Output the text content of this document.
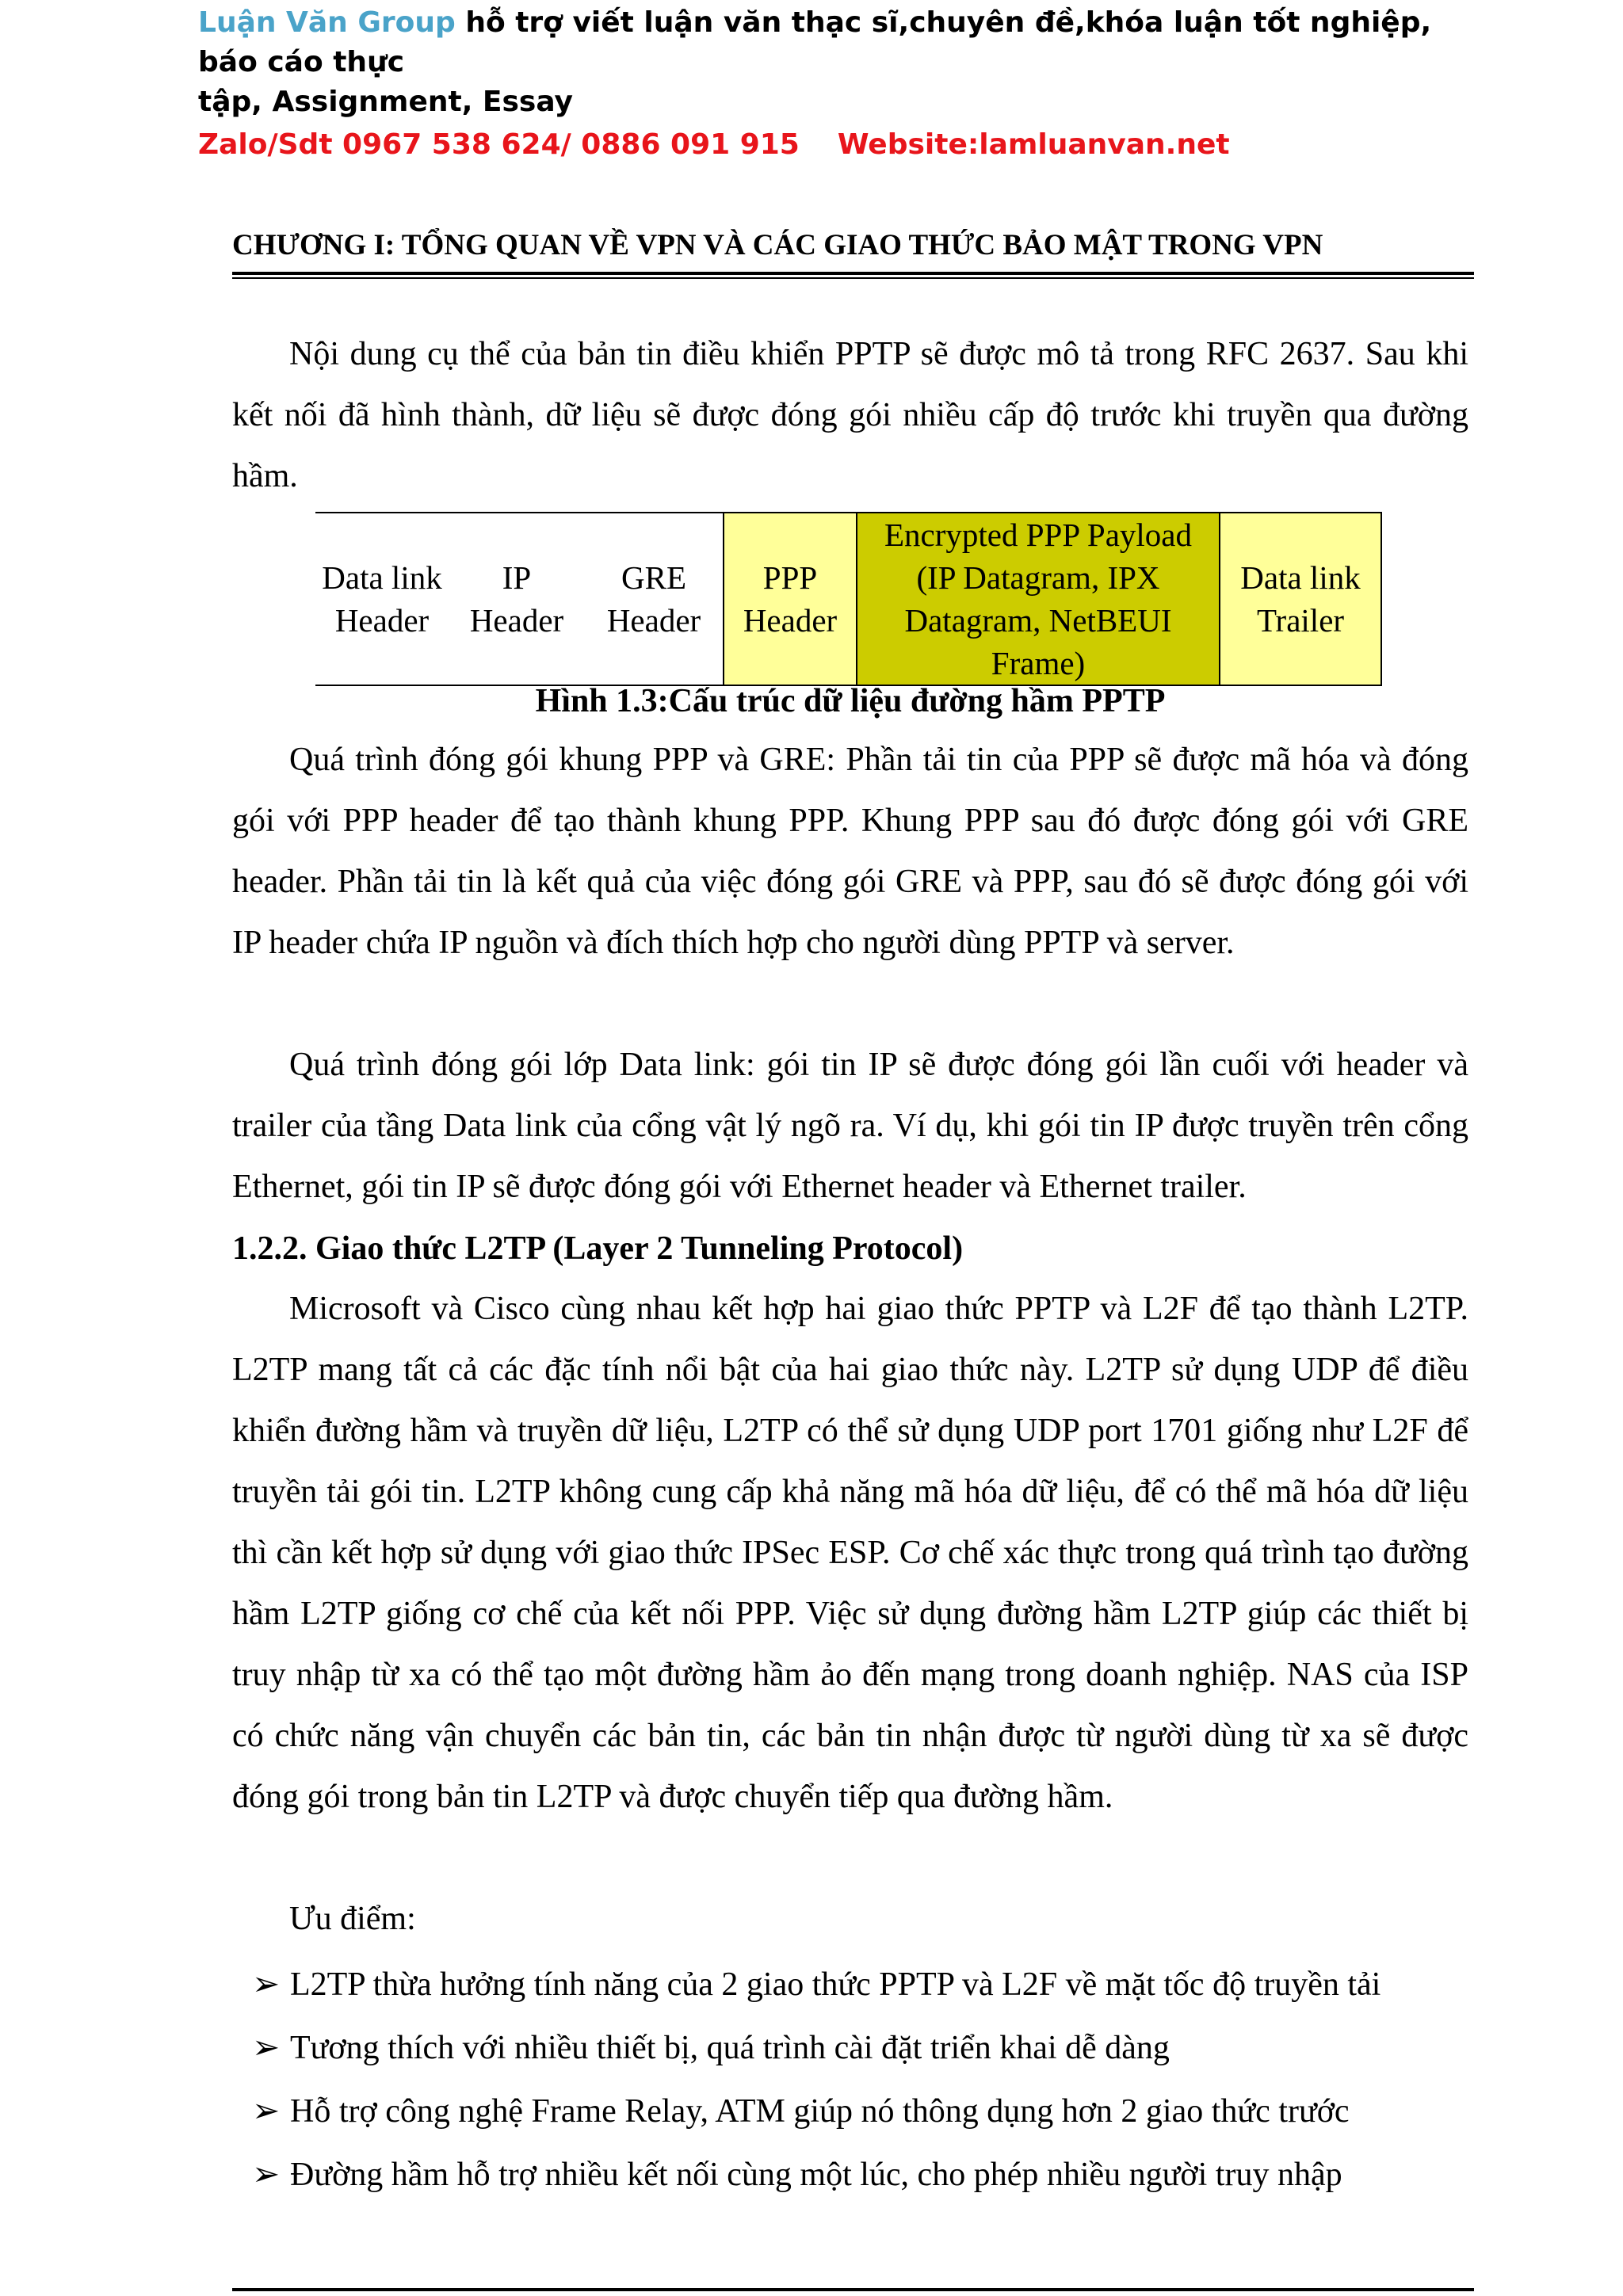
Luận Văn Group hỗ trợ viết luận văn thạc sĩ,chuyên đề,khóa luận tốt nghiệp, báo cáo thực
tập, Assignment, Essay
Zalo/Sdt 0967 538 624/ 0886 091 915 Website:lamluanvan.net
CHƯƠNG I: TỔNG QUAN VỀ VPN VÀ CÁC GIAO THỨC BẢO MẬT TRONG VPN

Nội dung cụ thể của bản tin điều khiển PPTP sẽ được mô tả trong RFC 2637. Sau khi kết nối đã hình thành, dữ liệu sẽ được đóng gói nhiều cấp độ trước khi truyền qua đường hầm.

Data link Header	IP Header	GRE Header	PPP Header	Encrypted PPP Payload (IP Datagram, IPX Datagram, NetBEUI Frame)	Data link Trailer
Hình 1.3:Cấu trúc dữ liệu đường hầm PPTP

Quá trình đóng gói khung PPP và GRE: Phần tải tin của PPP sẽ được mã hóa và đóng gói với PPP header để tạo thành khung PPP. Khung PPP sau đó được đóng gói với GRE header. Phần tải tin là kết quả của việc đóng gói GRE và PPP, sau đó sẽ được đóng gói với IP header chứa IP nguồn và đích thích hợp cho người dùng PPTP và server.

Quá trình đóng gói lớp Data link: gói tin IP sẽ được đóng gói lần cuối với header và trailer của tầng Data link của cổng vật lý ngõ ra. Ví dụ, khi gói tin IP được truyền trên cổng Ethernet, gói tin IP sẽ được đóng gói với Ethernet header và Ethernet trailer.

1.2.2. Giao thức L2TP (Layer 2 Tunneling Protocol)

Microsoft và Cisco cùng nhau kết hợp hai giao thức PPTP và L2F để tạo thành L2TP. L2TP mang tất cả các đặc tính nổi bật của hai giao thức này. L2TP sử dụng UDP để điều khiển đường hầm và truyền dữ liệu, L2TP có thể sử dụng UDP port 1701 giống như L2F để truyền tải gói tin. L2TP không cung cấp khả năng mã hóa dữ liệu, để có thể mã hóa dữ liệu thì cần kết hợp sử dụng với giao thức IPSec ESP. Cơ chế xác thực trong quá trình tạo đường hầm L2TP giống cơ chế của kết nối PPP. Việc sử dụng đường hầm L2TP giúp các thiết bị truy nhập từ xa có thể tạo một đường hầm ảo đến mạng trong doanh nghiệp. NAS của ISP có chức năng vận chuyển các bản tin, các bản tin nhận được từ người dùng từ xa sẽ được đóng gói trong bản tin L2TP và được chuyển tiếp qua đường hầm.

Ưu điểm:

➢ L2TP thừa hưởng tính năng của 2 giao thức PPTP và L2F về mặt tốc độ truyền tải
➢ Tương thích với nhiều thiết bị, quá trình cài đặt triển khai dễ dàng
➢ Hỗ trợ công nghệ Frame Relay, ATM giúp nó thông dụng hơn 2 giao thức trước
➢ Đường hầm hỗ trợ nhiều kết nối cùng một lúc, cho phép nhiều người truy nhập
